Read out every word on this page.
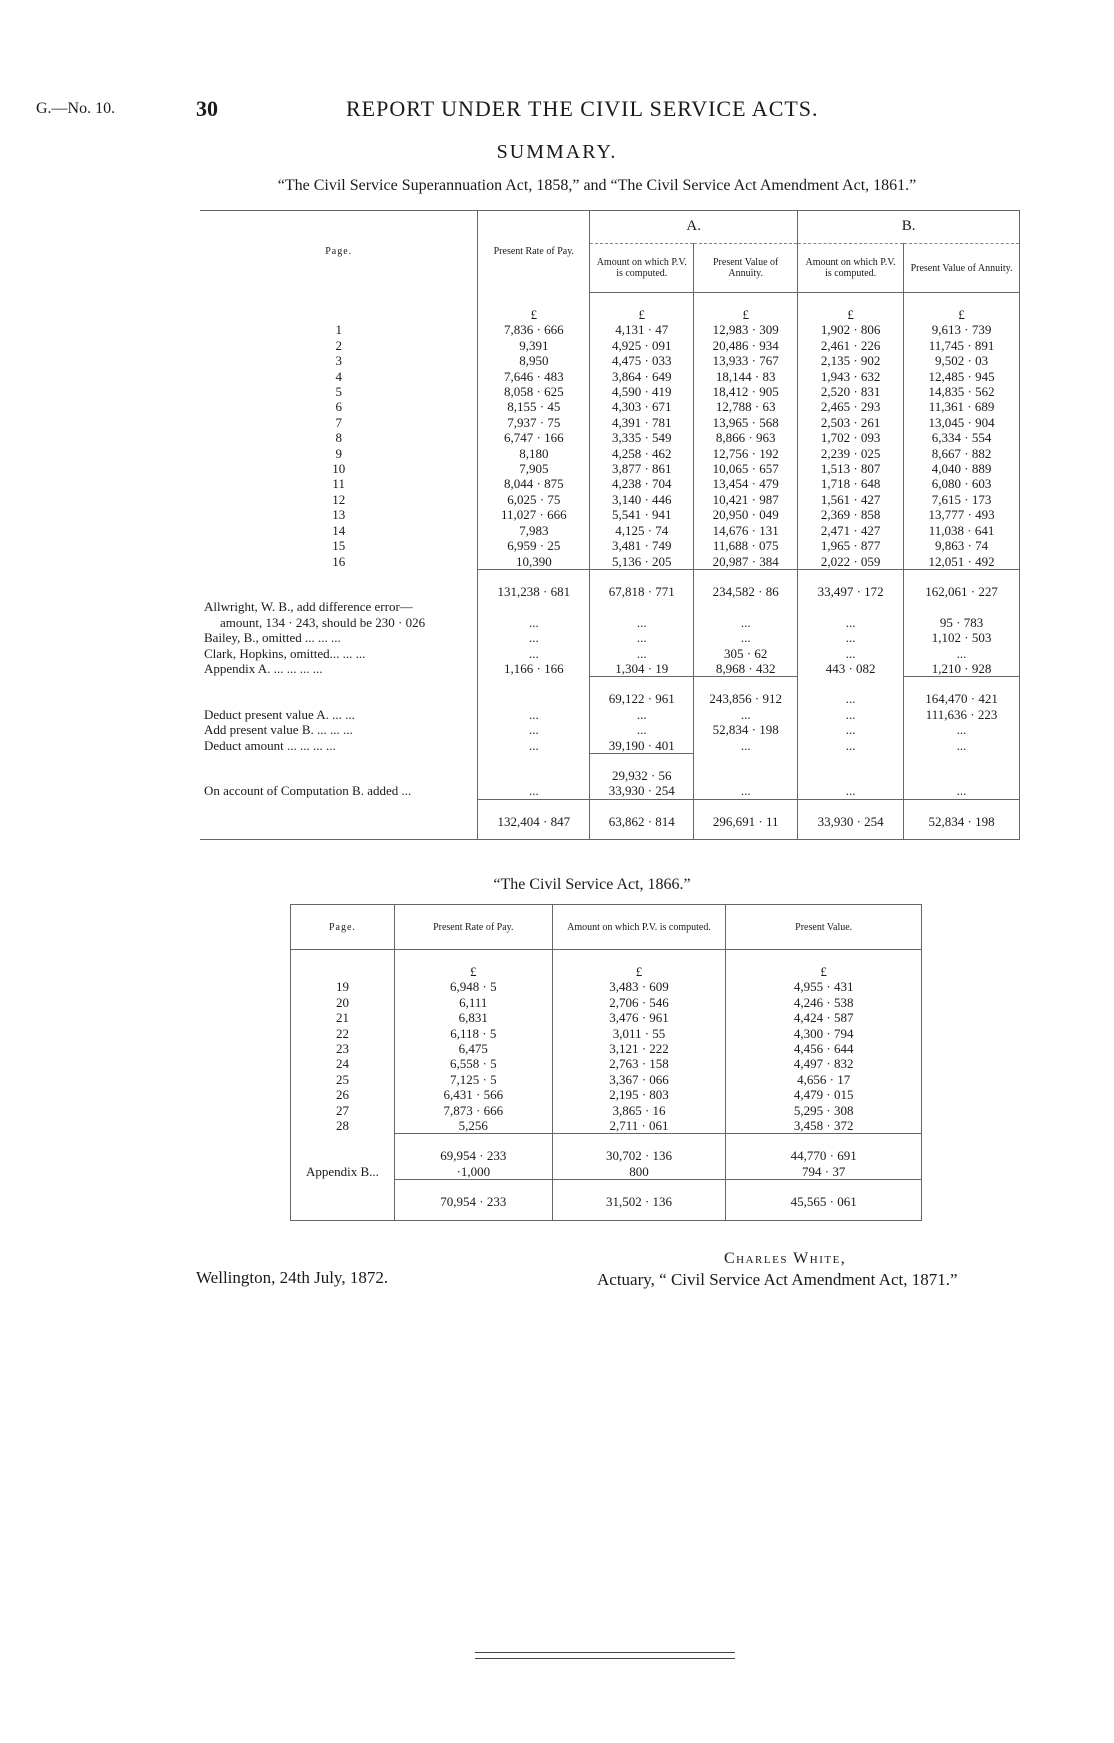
G.—No. 10.	30	REPORT UNDER THE CIVIL SERVICE ACTS.
SUMMARY.
“The Civil Service Superannuation Act, 1858,” and “The Civil Service Act Amendment Act, 1861.”
Page.	Present Rate of Pay.	A.		B.	
		Amount on which P.V. is computed.	Present Value of Annuity.	Amount on which P.V. is computed.	Present Value of Annuity.
	£	£	£	£	£
1	7,836 · 666	4,131 · 47	12,983 · 309	1,902 · 806	9,613 · 739
2	9,391	4,925 · 091	20,486 · 934	2,461 · 226	11,745 · 891
3	8,950	4,475 · 033	13,933 · 767	2,135 · 902	9,502 · 03
4	7,646 · 483	3,864 · 649	18,144 · 83	1,943 · 632	12,485 · 945
5	8,058 · 625	4,590 · 419	18,412 · 905	2,520 · 831	14,835 · 562
6	8,155 · 45	4,303 · 671	12,788 · 63	2,465 · 293	11,361 · 689
7	7,937 · 75	4,391 · 781	13,965 · 568	2,503 · 261	13,045 · 904
8	6,747 · 166	3,335 · 549	8,866 · 963	1,702 · 093	6,334 · 554
9	8,180	4,258 · 462	12,756 · 192	2,239 · 025	8,667 · 882
10	7,905	3,877 · 861	10,065 · 657	1,513 · 807	4,040 · 889
11	8,044 · 875	4,238 · 704	13,454 · 479	1,718 · 648	6,080 · 603
12	6,025 · 75	3,140 · 446	10,421 · 987	1,561 · 427	7,615 · 173
13	11,027 · 666	5,541 · 941	20,950 · 049	2,369 · 858	13,777 · 493
14	7,983	4,125 · 74	14,676 · 131	2,471 · 427	11,038 · 641
15	6,959 · 25	3,481 · 749	11,688 · 075	1,965 · 877	9,863 · 74
16	10,390	5,136 · 205	20,987 · 384	2,022 · 059	12,051 · 492
	131,238 · 681	67,818 · 771	234,582 · 86	33,497 · 172	162,061 · 227
Allwright, W. B., add difference error—					
amount, 134 · 243, should be 230 · 026	...	...	...	...	95 · 783
Bailey, B., omitted ... ... ...	...	...	...	...	1,102 · 503
Clark, Hopkins, omitted... ... ...	...	...	305 · 62	...	...
Appendix A. ... ... ... ...	1,166 · 166	1,304 · 19	8,968 · 432	443 · 082	1,210 · 928
		69,122 · 961	243,856 · 912	...	164,470 · 421
Deduct present value A. ... ...	...	...	...	...	111,636 · 223
Add present value B. ... ... ...	...	...	52,834 · 198	...	...
Deduct amount ... ... ... ...	...	39,190 · 401	...	...	...
		29,932 · 56			
On account of Computation B. added ...	...	33,930 · 254	...	...	...
	132,404 · 847	63,862 · 814	296,691 · 11	33,930 · 254	52,834 · 198
“The Civil Service Act, 1866.”
Page.	Present Rate of Pay.	Amount on which P.V. is computed.	Present Value.
	£	£	£
19	6,948 · 5	3,483 · 609	4,955 · 431
20	6,111	2,706 · 546	4,246 · 538
21	6,831	3,476 · 961	4,424 · 587
22	6,118 · 5	3,011 · 55	4,300 · 794
23	6,475	3,121 · 222	4,456 · 644
24	6,558 · 5	2,763 · 158	4,497 · 832
25	7,125 · 5	3,367 · 066	4,656 · 17
26	6,431 · 566	2,195 · 803	4,479 · 015
27	7,873 · 666	3,865 · 16	5,295 · 308
28	5,256	2,711 · 061	3,458 · 372
	69,954 · 233	30,702 · 136	44,770 · 691
Appendix B...	·1,000	800	794 · 37
	70,954 · 233	31,502 · 136	45,565 · 061
Wellington, 24th July, 1872.
Charles White,
Actuary, “ Civil Service Act Amendment Act, 1871.”
